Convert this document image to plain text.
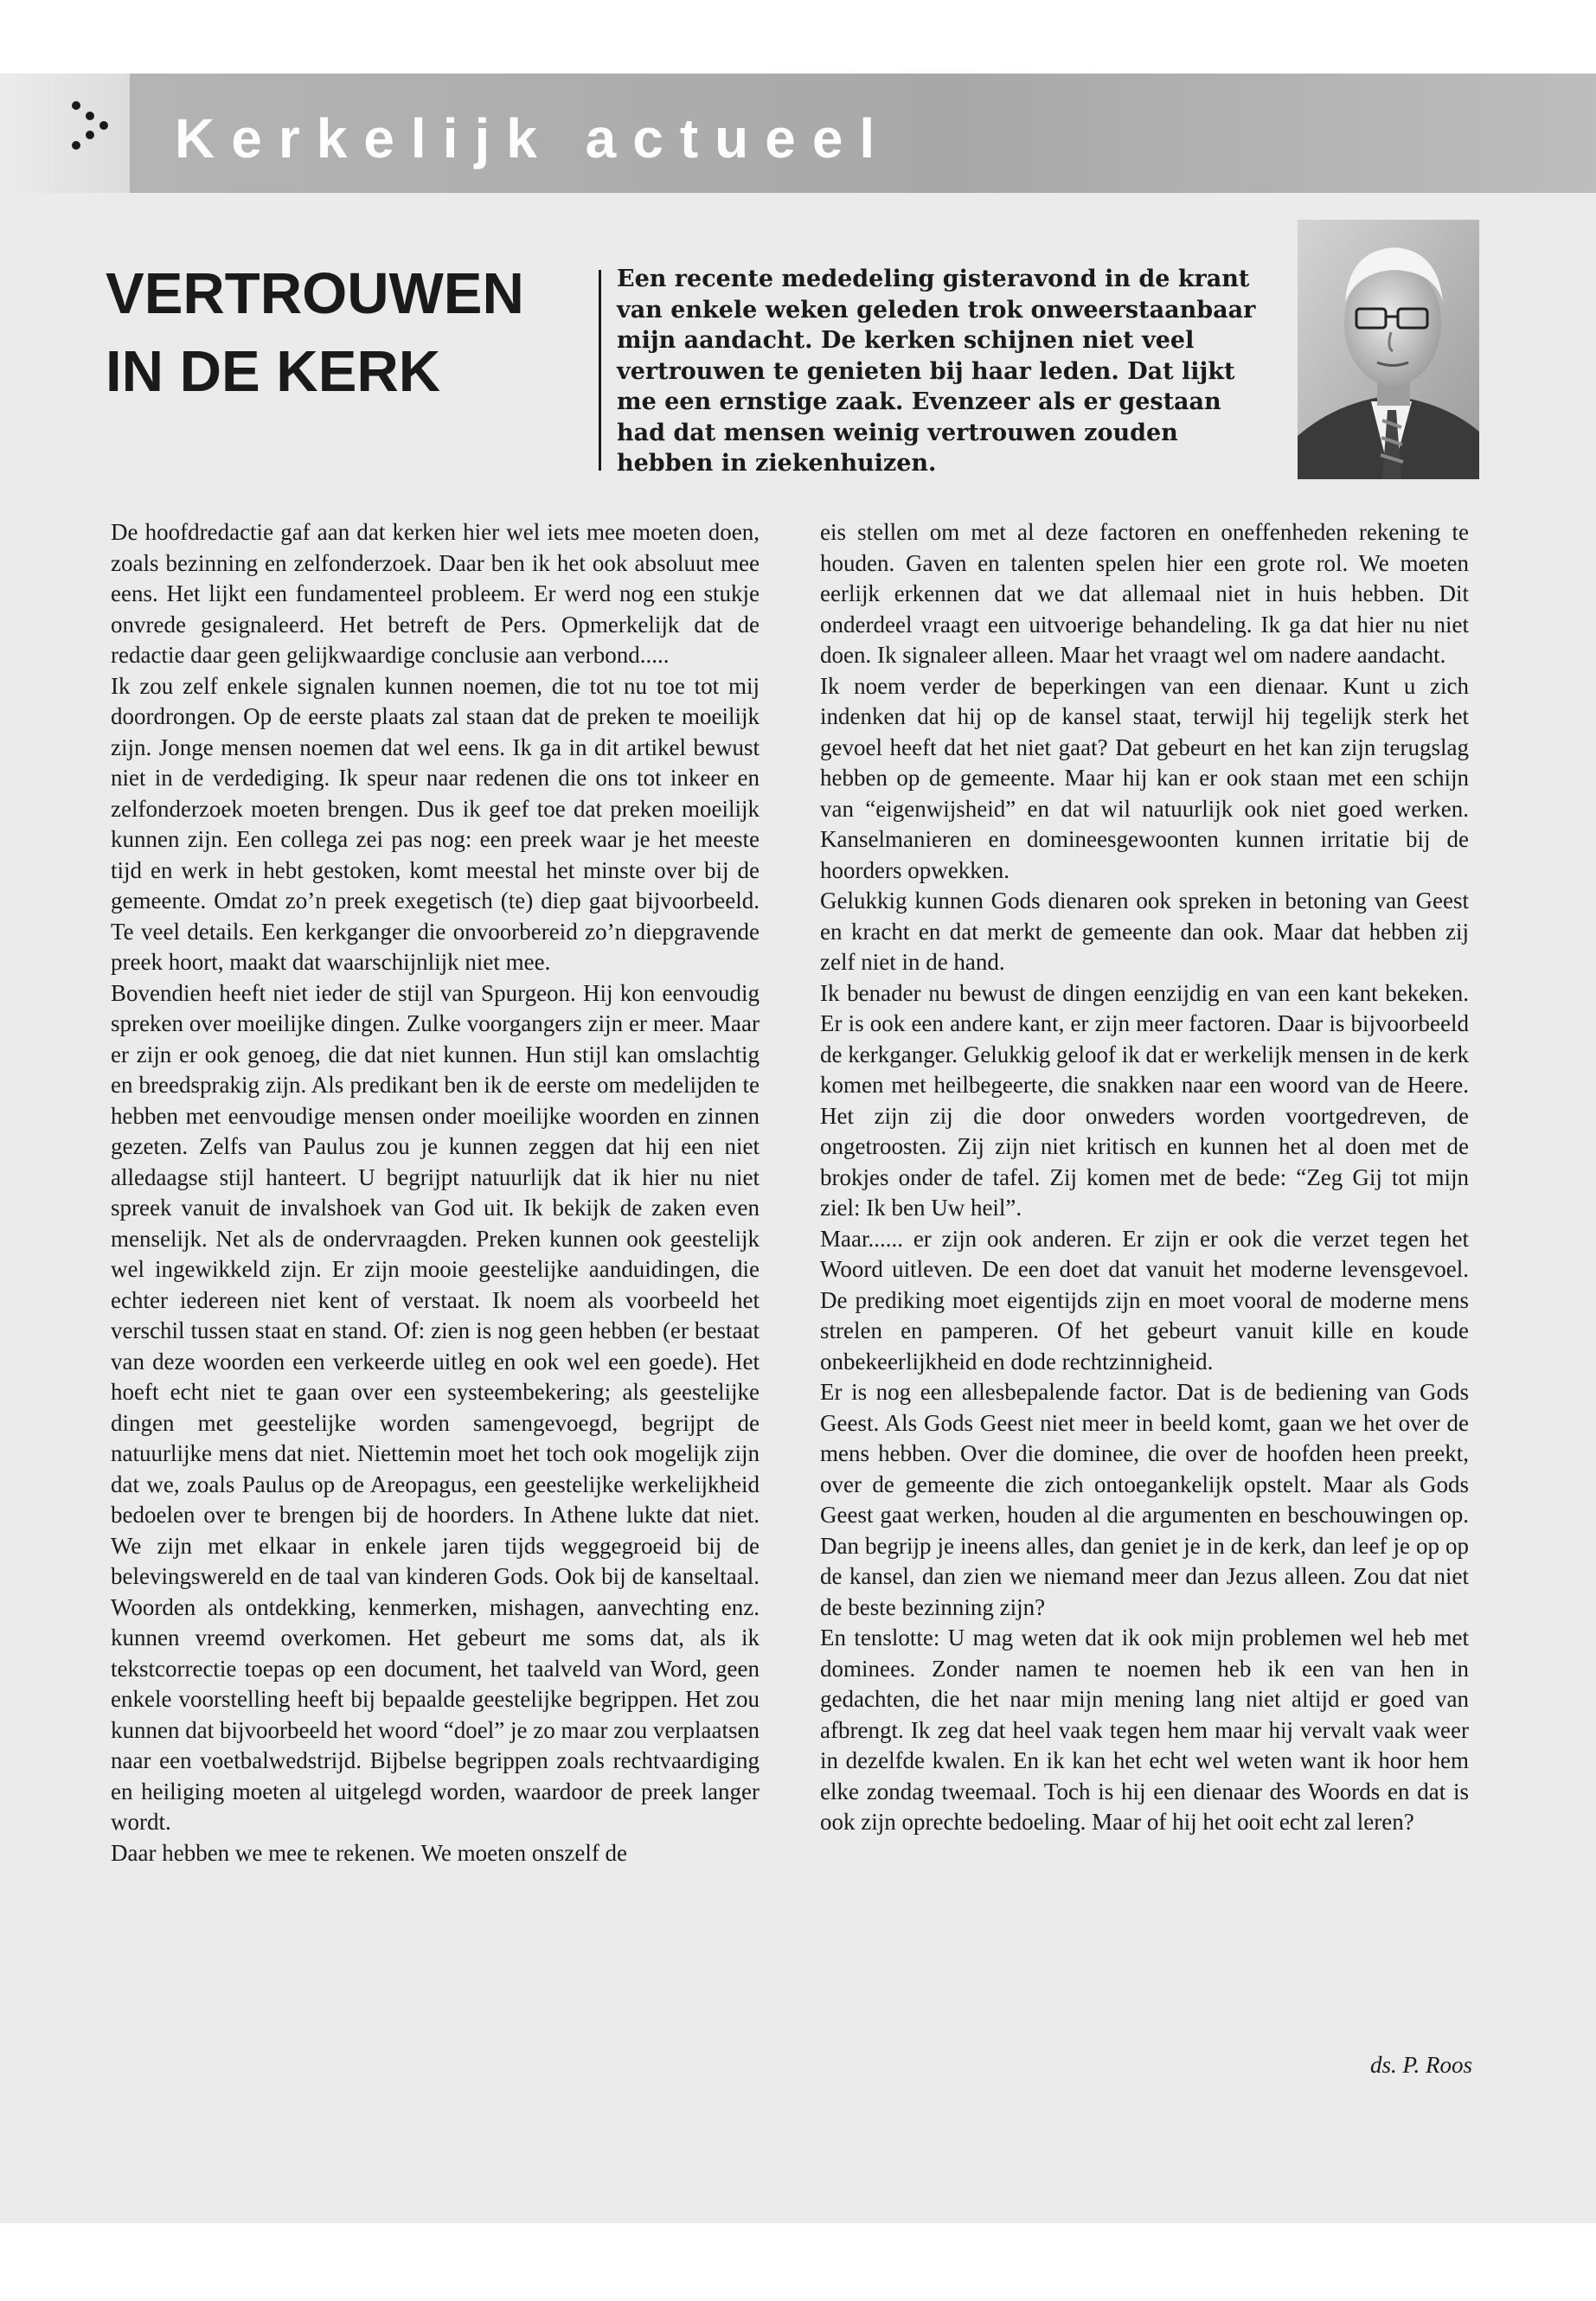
Kerkelijk actueel
VERTROUWEN
IN DE KERK

Een recente mededeling gisteravond in de krant van enkele weken geleden trok onweerstaanbaar mijn aandacht. De kerken schijnen niet veel vertrouwen te genieten bij haar leden. Dat lijkt me een ernstige zaak. Evenzeer als er gestaan had dat mensen weinig vertrouwen zouden hebben in ziekenhuizen.

De hoofdredactie gaf aan dat kerken hier wel iets mee moeten doen, zoals bezinning en zelfonderzoek. Daar ben ik het ook absoluut mee eens. Het lijkt een fundamenteel probleem. Er werd nog een stukje onvrede gesignaleerd. Het betreft de Pers. Opmerkelijk dat de redactie daar geen gelijkwaardige conclusie aan verbond.....

Ik zou zelf enkele signalen kunnen noemen, die tot nu toe tot mij doordrongen. Op de eerste plaats zal staan dat de preken te moeilijk zijn. Jonge mensen noemen dat wel eens. Ik ga in dit artikel bewust niet in de verdediging. Ik speur naar redenen die ons tot inkeer en zelfonderzoek moeten brengen. Dus ik geef toe dat preken moeilijk kunnen zijn. Een collega zei pas nog: een preek waar je het meeste tijd en werk in hebt gestoken, komt meestal het minste over bij de gemeente. Omdat zo’n preek exegetisch (te) diep gaat bijvoorbeeld. Te veel details. Een kerkganger die onvoorbereid zo’n diepgravende preek hoort, maakt dat waarschijnlijk niet mee.

Bovendien heeft niet ieder de stijl van Spurgeon. Hij kon eenvoudig spreken over moeilijke dingen. Zulke voorgangers zijn er meer. Maar er zijn er ook genoeg, die dat niet kunnen. Hun stijl kan omslachtig en breedsprakig zijn. Als predikant ben ik de eerste om medelijden te hebben met eenvoudige mensen onder moeilijke woorden en zinnen gezeten. Zelfs van Paulus zou je kunnen zeggen dat hij een niet alledaagse stijl hanteert. U begrijpt natuurlijk dat ik hier nu niet spreek vanuit de invalshoek van God uit. Ik bekijk de zaken even menselijk. Net als de ondervraagden. Preken kunnen ook geestelijk wel ingewikkeld zijn. Er zijn mooie geestelijke aanduidingen, die echter iedereen niet kent of verstaat. Ik noem als voorbeeld het verschil tussen staat en stand. Of: zien is nog geen hebben (er bestaat van deze woorden een verkeerde uitleg en ook wel een goede). Het hoeft echt niet te gaan over een systeembekering; als geestelijke dingen met geestelijke worden samengevoegd, begrijpt de natuurlijke mens dat niet. Niettemin moet het toch ook mogelijk zijn dat we, zoals Paulus op de Areopagus, een geestelijke werkelijkheid bedoelen over te brengen bij de hoorders. In Athene lukte dat niet. We zijn met elkaar in enkele jaren tijds weggegroeid bij de belevingswereld en de taal van kinderen Gods. Ook bij de kanseltaal. Woorden als ontdekking, kenmerken, mishagen, aanvechting enz. kunnen vreemd overkomen. Het gebeurt me soms dat, als ik tekstcorrectie toepas op een document, het taalveld van Word, geen enkele voorstelling heeft bij bepaalde geestelijke begrippen. Het zou kunnen dat bijvoorbeeld het woord “doel” je zo maar zou verplaatsen naar een voetbalwedstrijd. Bijbelse begrippen zoals rechtvaardiging en heiliging moeten al uitgelegd worden, waardoor de preek langer wordt.

Daar hebben we mee te rekenen. We moeten onszelf de

eis stellen om met al deze factoren en oneffenheden rekening te houden. Gaven en talenten spelen hier een grote rol. We moeten eerlijk erkennen dat we dat allemaal niet in huis hebben. Dit onderdeel vraagt een uitvoerige behandeling. Ik ga dat hier nu niet doen. Ik signaleer alleen. Maar het vraagt wel om nadere aandacht.

Ik noem verder de beperkingen van een dienaar. Kunt u zich indenken dat hij op de kansel staat, terwijl hij tegelijk sterk het gevoel heeft dat het niet gaat? Dat gebeurt en het kan zijn terugslag hebben op de gemeente. Maar hij kan er ook staan met een schijn van “eigenwijsheid” en dat wil natuurlijk ook niet goed werken. Kanselmanieren en domineesgewoonten kunnen irritatie bij de hoorders opwekken.

Gelukkig kunnen Gods dienaren ook spreken in betoning van Geest en kracht en dat merkt de gemeente dan ook. Maar dat hebben zij zelf niet in de hand.

Ik benader nu bewust de dingen eenzijdig en van een kant bekeken. Er is ook een andere kant, er zijn meer factoren. Daar is bijvoorbeeld de kerkganger. Gelukkig geloof ik dat er werkelijk mensen in de kerk komen met heilbegeerte, die snakken naar een woord van de Heere. Het zijn zij die door onweders worden voortgedreven, de ongetroosten. Zij zijn niet kritisch en kunnen het al doen met de brokjes onder de tafel. Zij komen met de bede: “Zeg Gij tot mijn ziel: Ik ben Uw heil”.

Maar...... er zijn ook anderen. Er zijn er ook die verzet tegen het Woord uitleven. De een doet dat vanuit het moderne levensgevoel. De prediking moet eigentijds zijn en moet vooral de moderne mens strelen en pamperen. Of het gebeurt vanuit kille en koude onbekeerlijkheid en dode rechtzinnigheid.

Er is nog een allesbepalende factor. Dat is de bediening van Gods Geest. Als Gods Geest niet meer in beeld komt, gaan we het over de mens hebben. Over die dominee, die over de hoofden heen preekt, over de gemeente die zich ontoegankelijk opstelt. Maar als Gods Geest gaat werken, houden al die argumenten en beschouwingen op. Dan begrijp je ineens alles, dan geniet je in de kerk, dan leef je op op de kansel, dan zien we niemand meer dan Jezus alleen. Zou dat niet de beste bezinning zijn?

En tenslotte: U mag weten dat ik ook mijn problemen wel heb met dominees. Zonder namen te noemen heb ik een van hen in gedachten, die het naar mijn mening lang niet altijd er goed van afbrengt. Ik zeg dat heel vaak tegen hem maar hij vervalt vaak weer in dezelfde kwalen. En ik kan het echt wel weten want ik hoor hem elke zondag tweemaal. Toch is hij een dienaar des Woords en dat is ook zijn oprechte bedoeling. Maar of hij het ooit echt zal leren?

ds. P. Roos
